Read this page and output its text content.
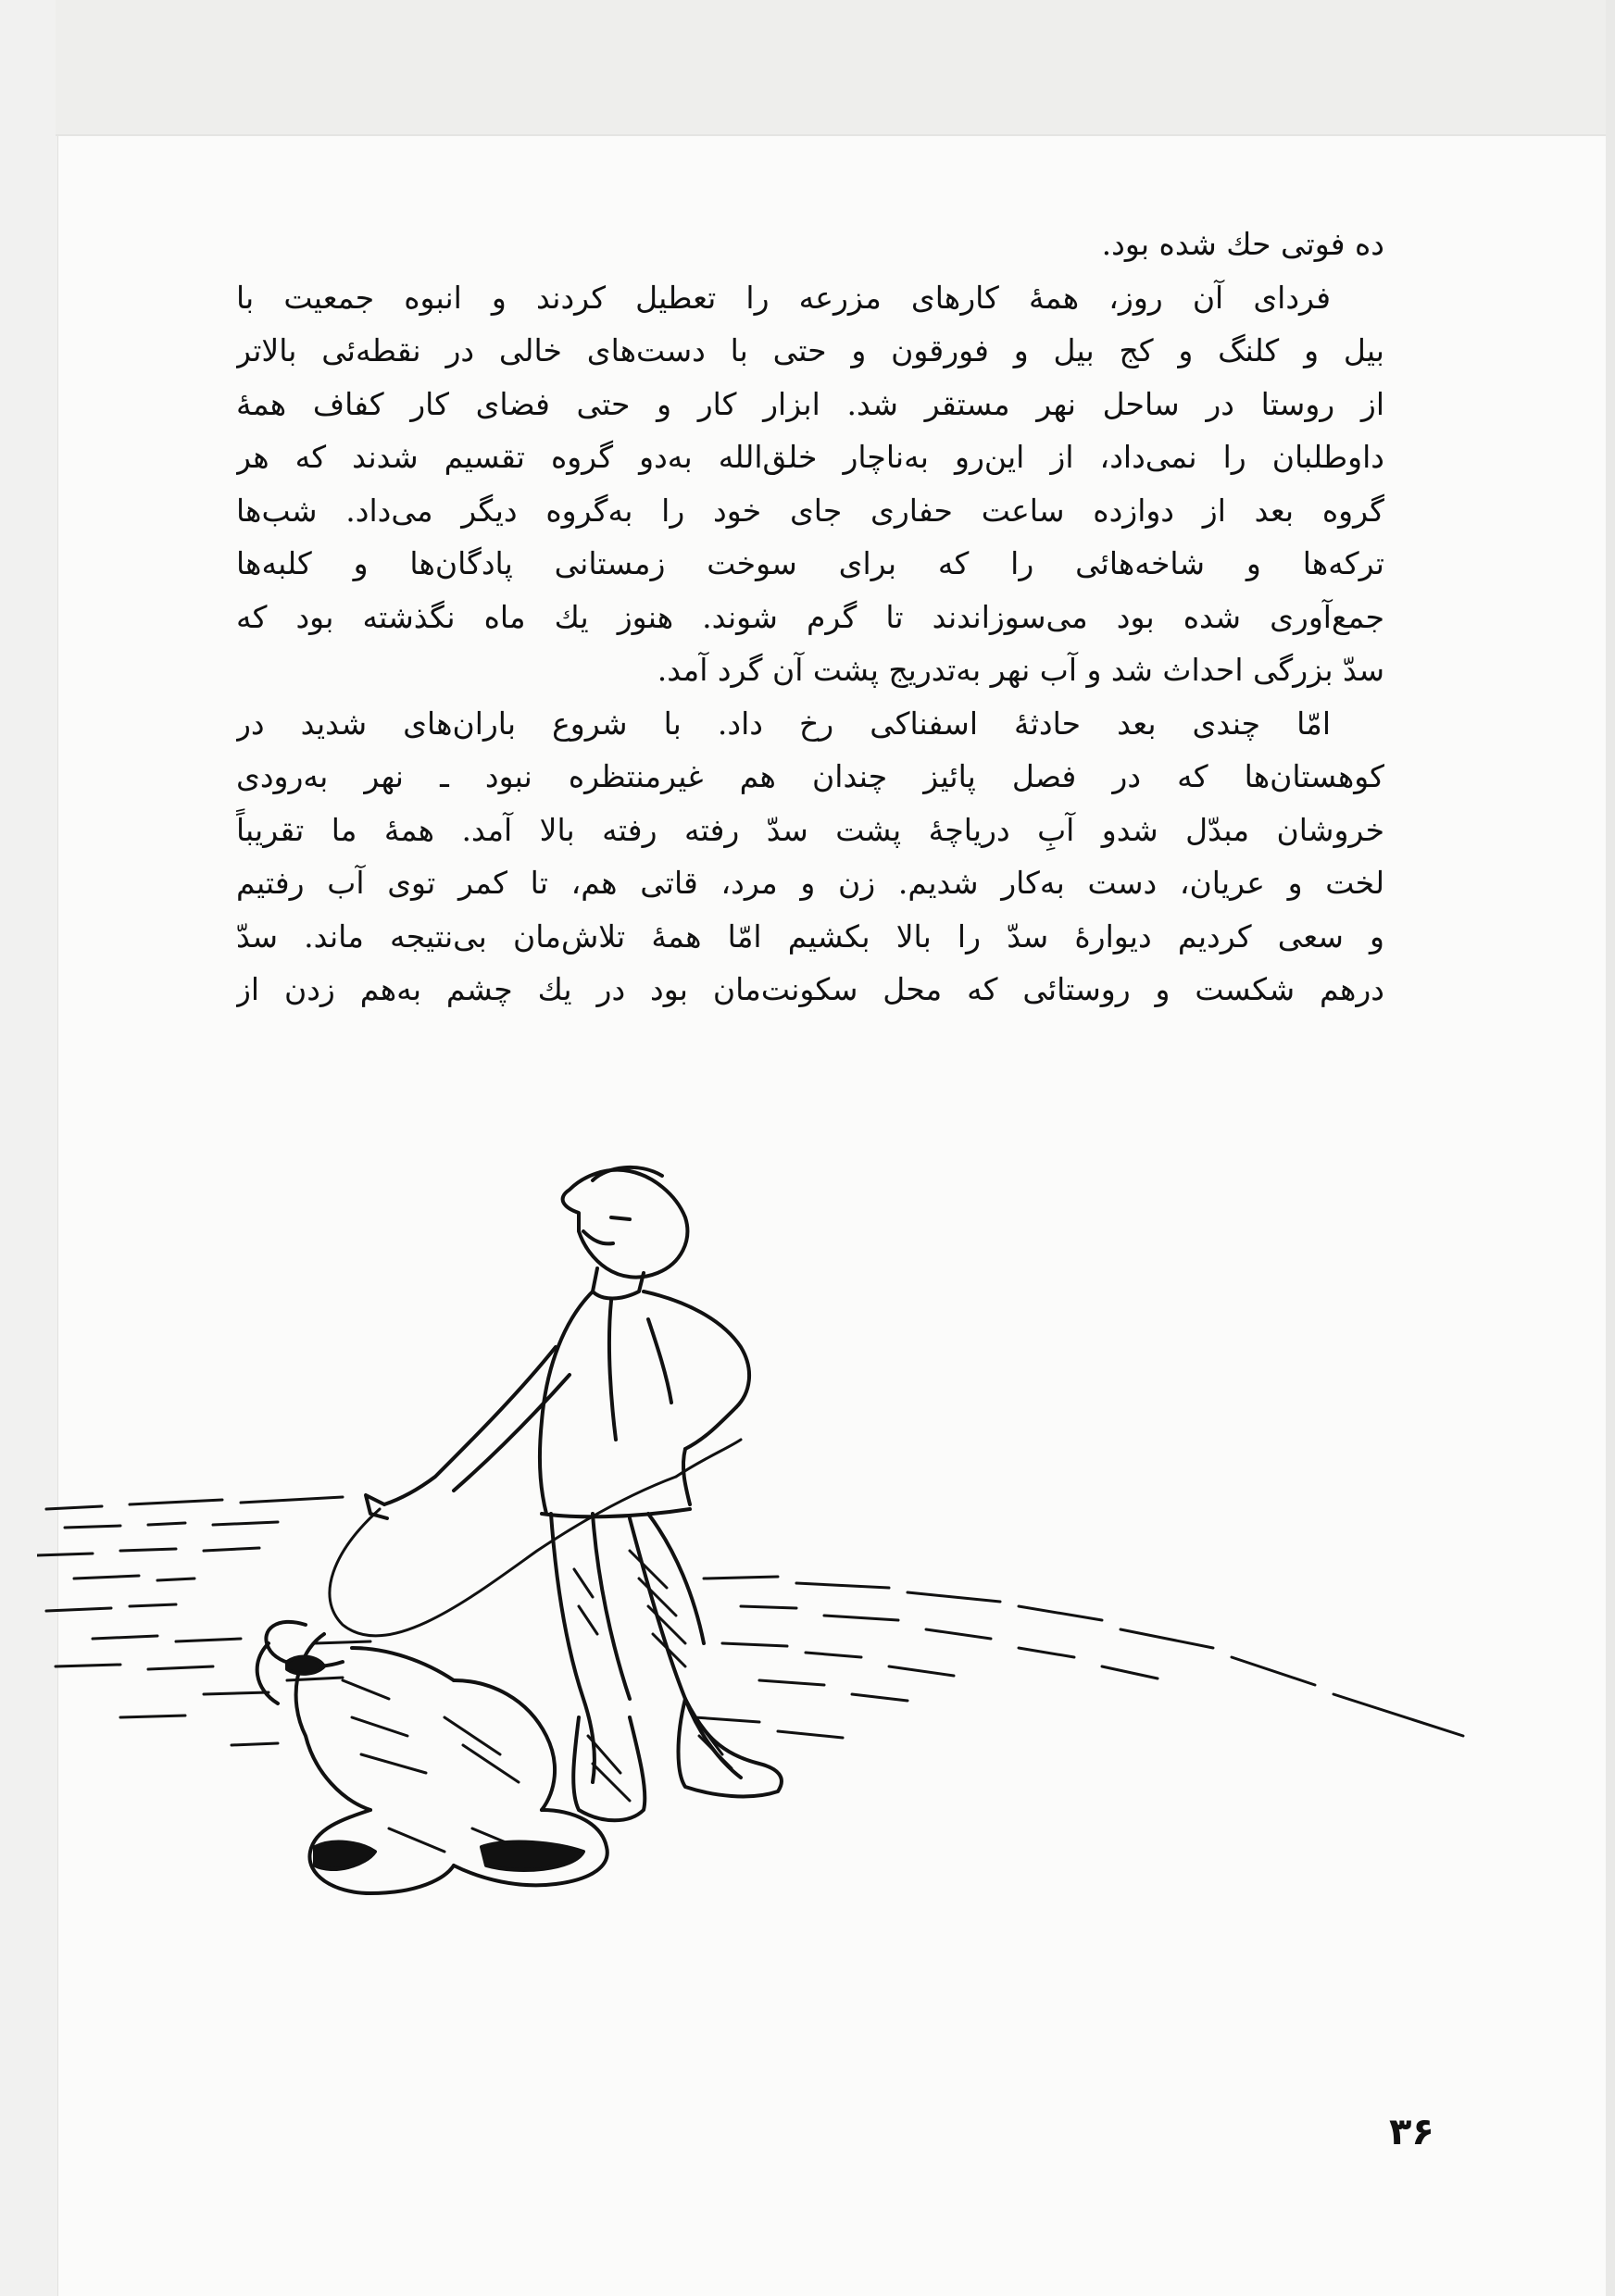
ده فوتی حك شده بود.
فردای آن روز، همهٔ کارهای مزرعه را تعطیل کردند و انبوه جمعیت با
بیل و کلنگ و کج بیل و فورقون و حتی با دست‌های خالی در نقطه‌ئی بالاتر
از روستا در ساحل نهر مستقر شد. ابزار کار و حتی فضای کار کفاف همهٔ
داوطلبان را نمی‌داد، از این‌رو به‌ناچار خلق‌الله به‌دو گروه تقسیم شدند که هر
گروه بعد از دوازده ساعت حفاری جای خود را به‌گروه دیگر می‌داد. شب‌ها
ترکه‌ها و شاخه‌هائی را که برای سوخت زمستانی پادگان‌ها و کلبه‌ها
جمع‌آوری شده بود می‌سوزاندند تا گرم شوند. هنوز یك ماه نگذشته بود که
سدّ بزرگی احداث شد و آب نهر به‌تدریج پشت آن گرد آمد.
امّا چندی بعد حادثهٔ اسفناکی رخ داد. با شروع باران‌های شدید در
کوهستان‌ها که در فصل پائیز چندان هم غیرمنتظره نبود ـ نهر به‌رودی
خروشان مبدّل شدو آبِ دریاچهٔ پشت سدّ رفته رفته بالا آمد. همهٔ ما تقریباً
لخت و عریان، دست به‌کار شدیم. زن و مرد، قاتی هم، تا کمر توی آب رفتیم
و سعی کردیم دیوارهٔ سدّ را بالا بکشیم امّا همهٔ تلاش‌مان بی‌نتیجه ماند. سدّ
درهم شکست و روستائی که محل سکونت‌مان بود در یك چشم به‌هم زدن از
۳۶
